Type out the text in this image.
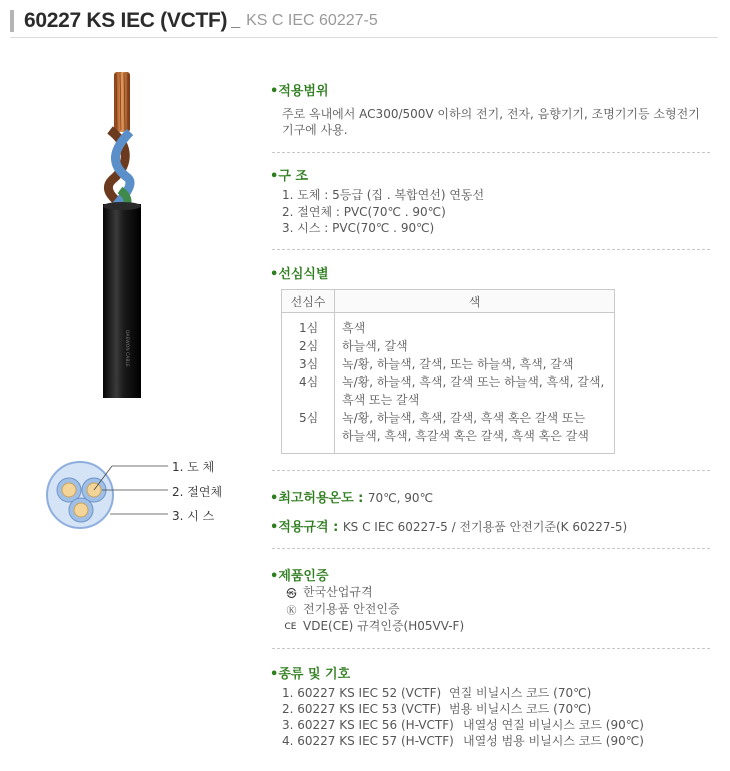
60227 KS IEC (VCTF) _ KS C IEC 60227-5
DAEWON CABLE
1. 도 체
2. 절연체
3. 시 스
•적용범위
주로 옥내에서 AC300/500V 이하의 전기, 전자, 음향기기, 조명기기등 소형전기
기구에 사용.
•구 조
1. 도체 : 5등급 (집 . 복합연선) 연동선
2. 절연체 : PVC(70℃ . 90℃)
3. 시스 : PVC(70℃ . 90℃)
•선심식별
선심수	색
1심
2심
3심
4심
5심
흑색
하늘색, 갈색
녹/황, 하늘색, 갈색, 또는 하늘색, 흑색, 갈색
녹/황, 하늘색, 흑색, 갈색 또는 하늘색, 흑색, 갈색,
흑색 또는 갈색
녹/황, 하늘색, 흑색, 갈색, 흑색 혹은 갈색 또는
하늘색, 흑색, 흑갈색 혹은 갈색, 흑색 혹은 갈색
•최고허용온도 : 70℃, 90℃
•적용규격 : KS C IEC 60227-5 / 전기용품 안전기준(K 60227-5)
•제품인증
㉿ 한국산업규격
Ⓚ 전기용품 안전인증
CE VDE(CE) 규격인증(H05VV-F)
•종류 및 기호
1. 60227 KS IEC 52 (VCTF) 연질 비닐시스 코드 (70℃)
2. 60227 KS IEC 53 (VCTF) 범용 비닐시스 코드 (70℃)
3. 60227 KS IEC 56 (H-VCTF) 내열성 연질 비닐시스 코드 (90℃)
4. 60227 KS IEC 57 (H-VCTF) 내열성 범용 비닐시스 코드 (90℃)
